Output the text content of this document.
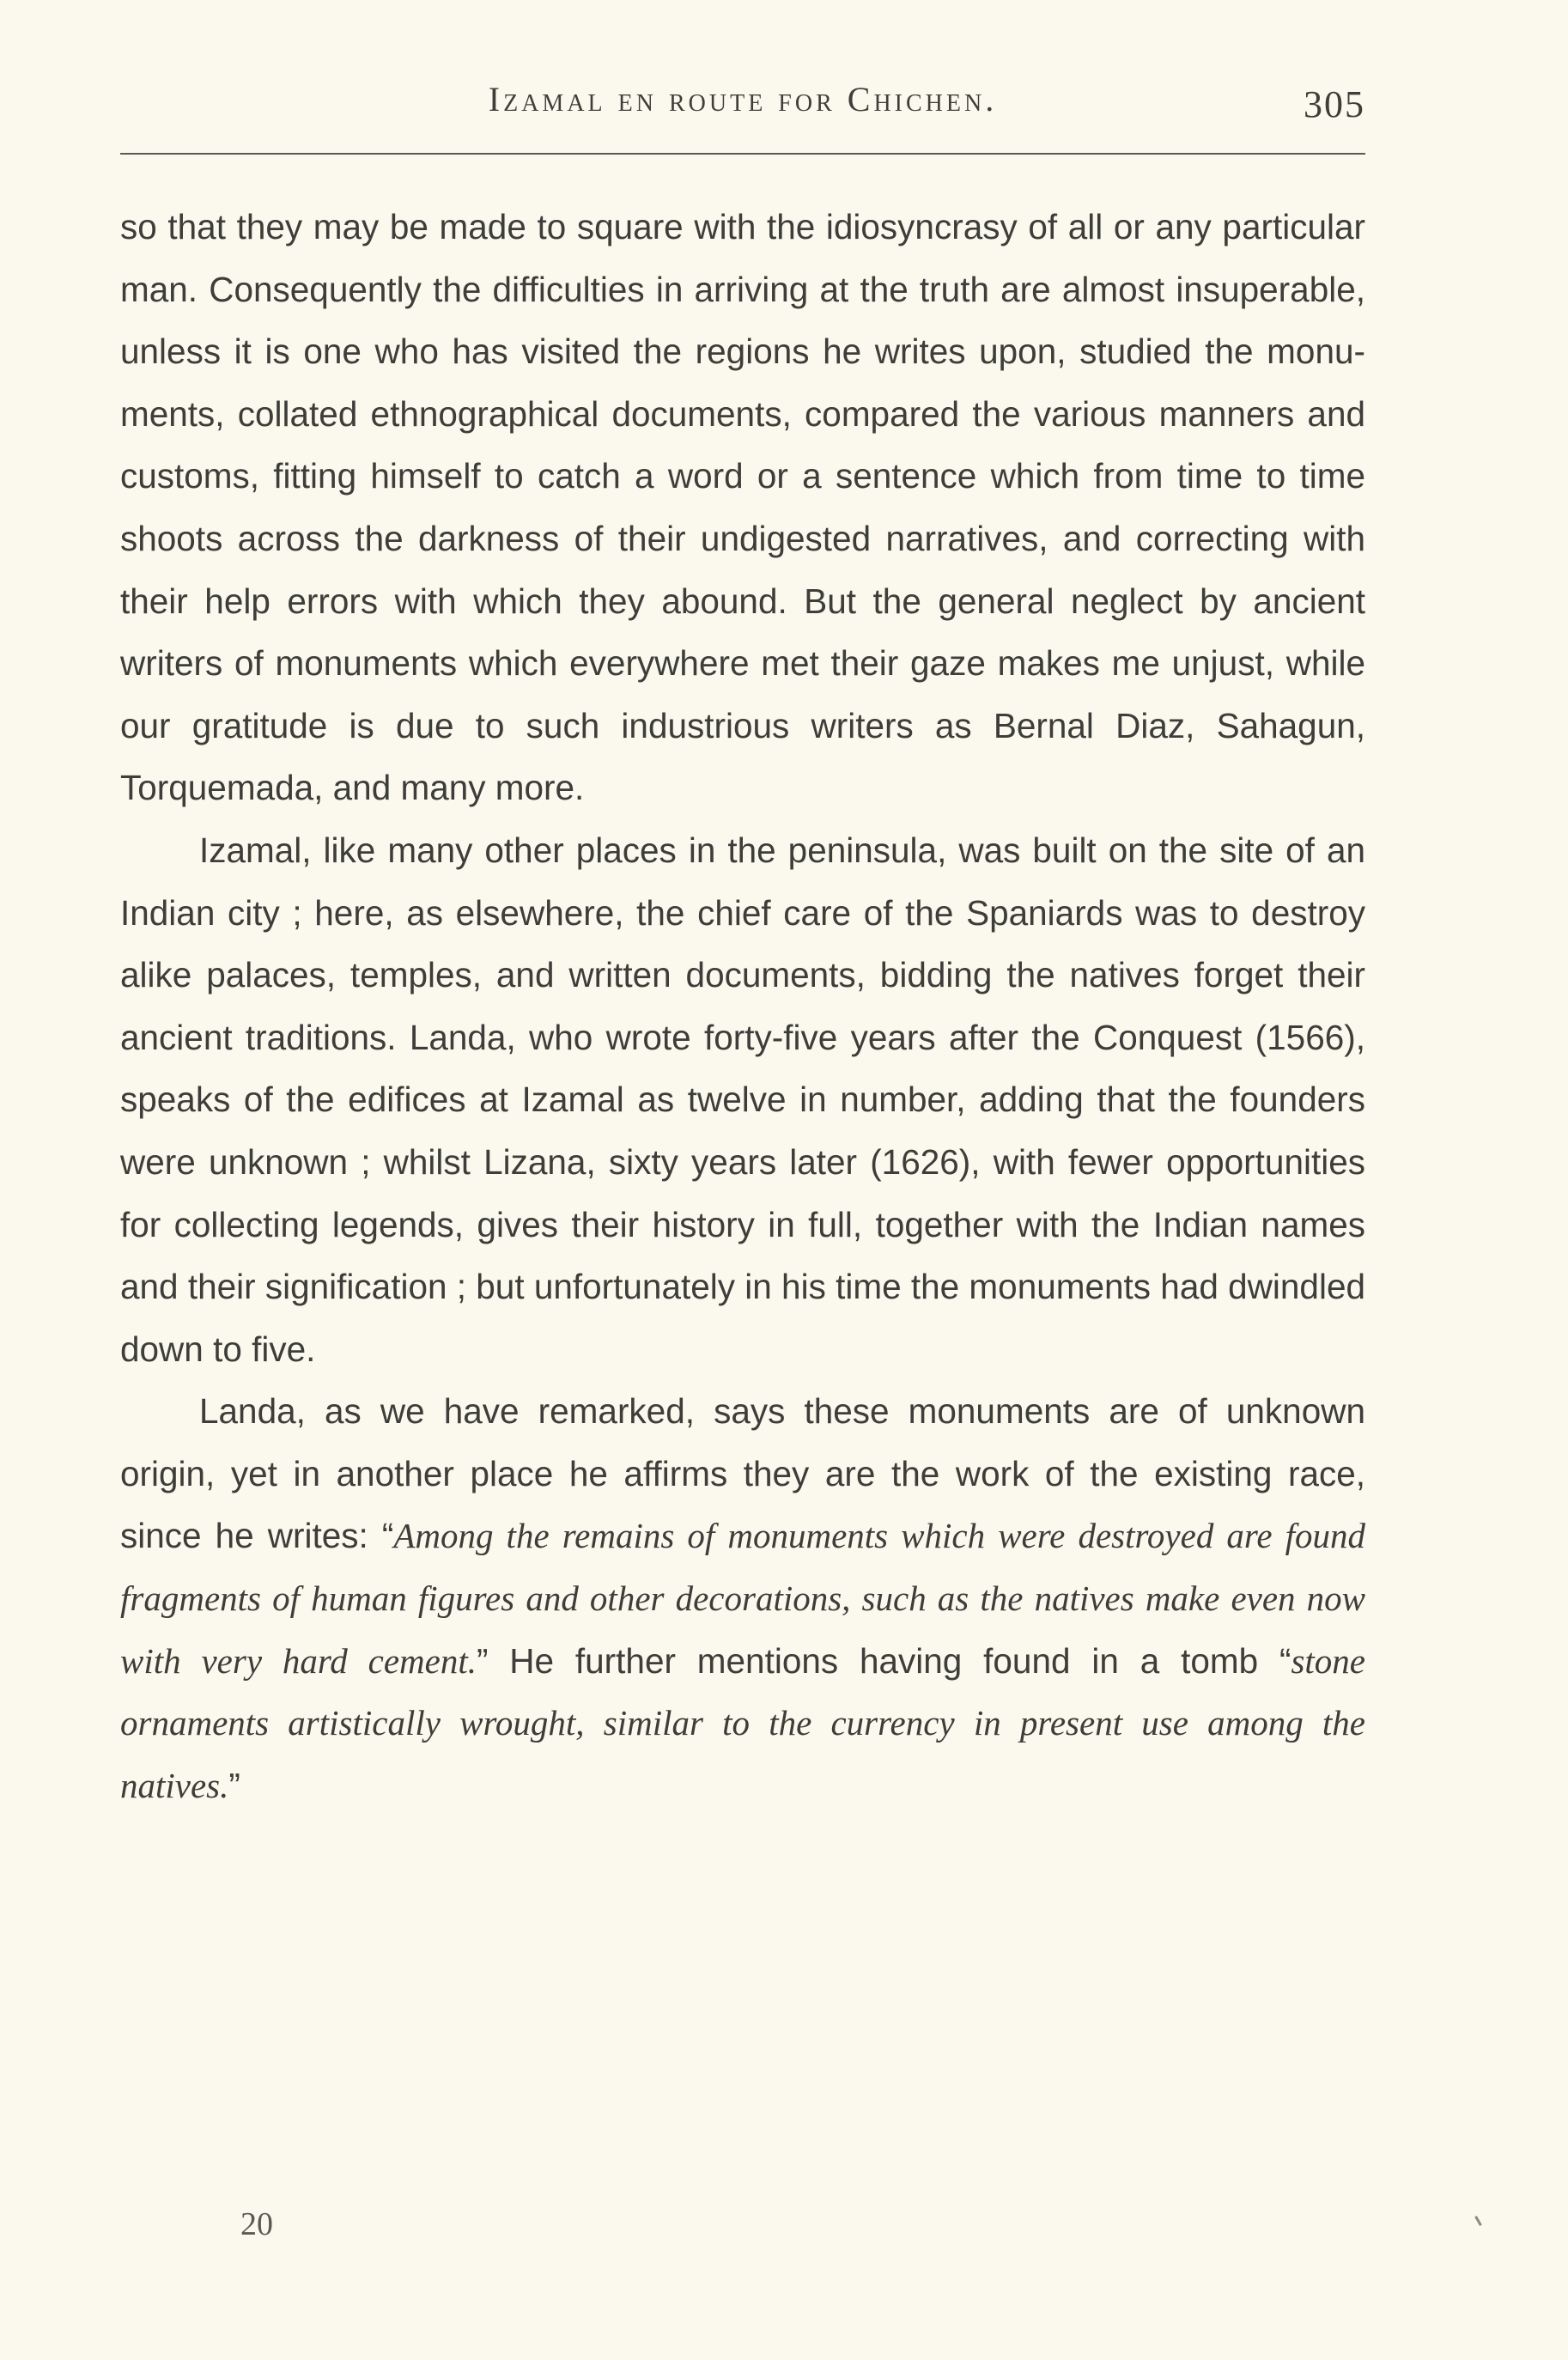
Izamal en route for Chichen.	305

so that they may be made to square with the idiosyncrasy of all or any particular man. Consequently the difficulties in arriving at the truth are almost insuperable, unless it is one who has visited the regions he writes upon, studied the monuments, collated ethnographical documents, compared the various manners and customs, fitting himself to catch a word or a sentence which from time to time shoots across the darkness of their undigested narratives, and correcting with their help errors with which they abound. But the general neglect by ancient writers of monuments which everywhere met their gaze makes me unjust, while our gratitude is due to such industrious writers as Bernal Diaz, Sahagun, Torquemada, and many more.

Izamal, like many other places in the peninsula, was built on the site of an Indian city ; here, as elsewhere, the chief care of the Spaniards was to destroy alike palaces, temples, and written documents, bidding the natives forget their ancient traditions. Landa, who wrote forty-five years after the Conquest (1566), speaks of the edifices at Izamal as twelve in number, adding that the founders were unknown ; whilst Lizana, sixty years later (1626), with fewer opportunities for collecting legends, gives their history in full, together with the Indian names and their signification ; but unfortunately in his time the monuments had dwindled down to five.

Landa, as we have remarked, says these monuments are of unknown origin, yet in another place he affirms they are the work of the existing race, since he writes: “Among the remains of monuments which were destroyed are found fragments of human figures and other decorations, such as the natives make even now with very hard cement.” He further mentions having found in a tomb “stone ornaments artistically wrought, similar to the currency in present use among the natives.”

20
